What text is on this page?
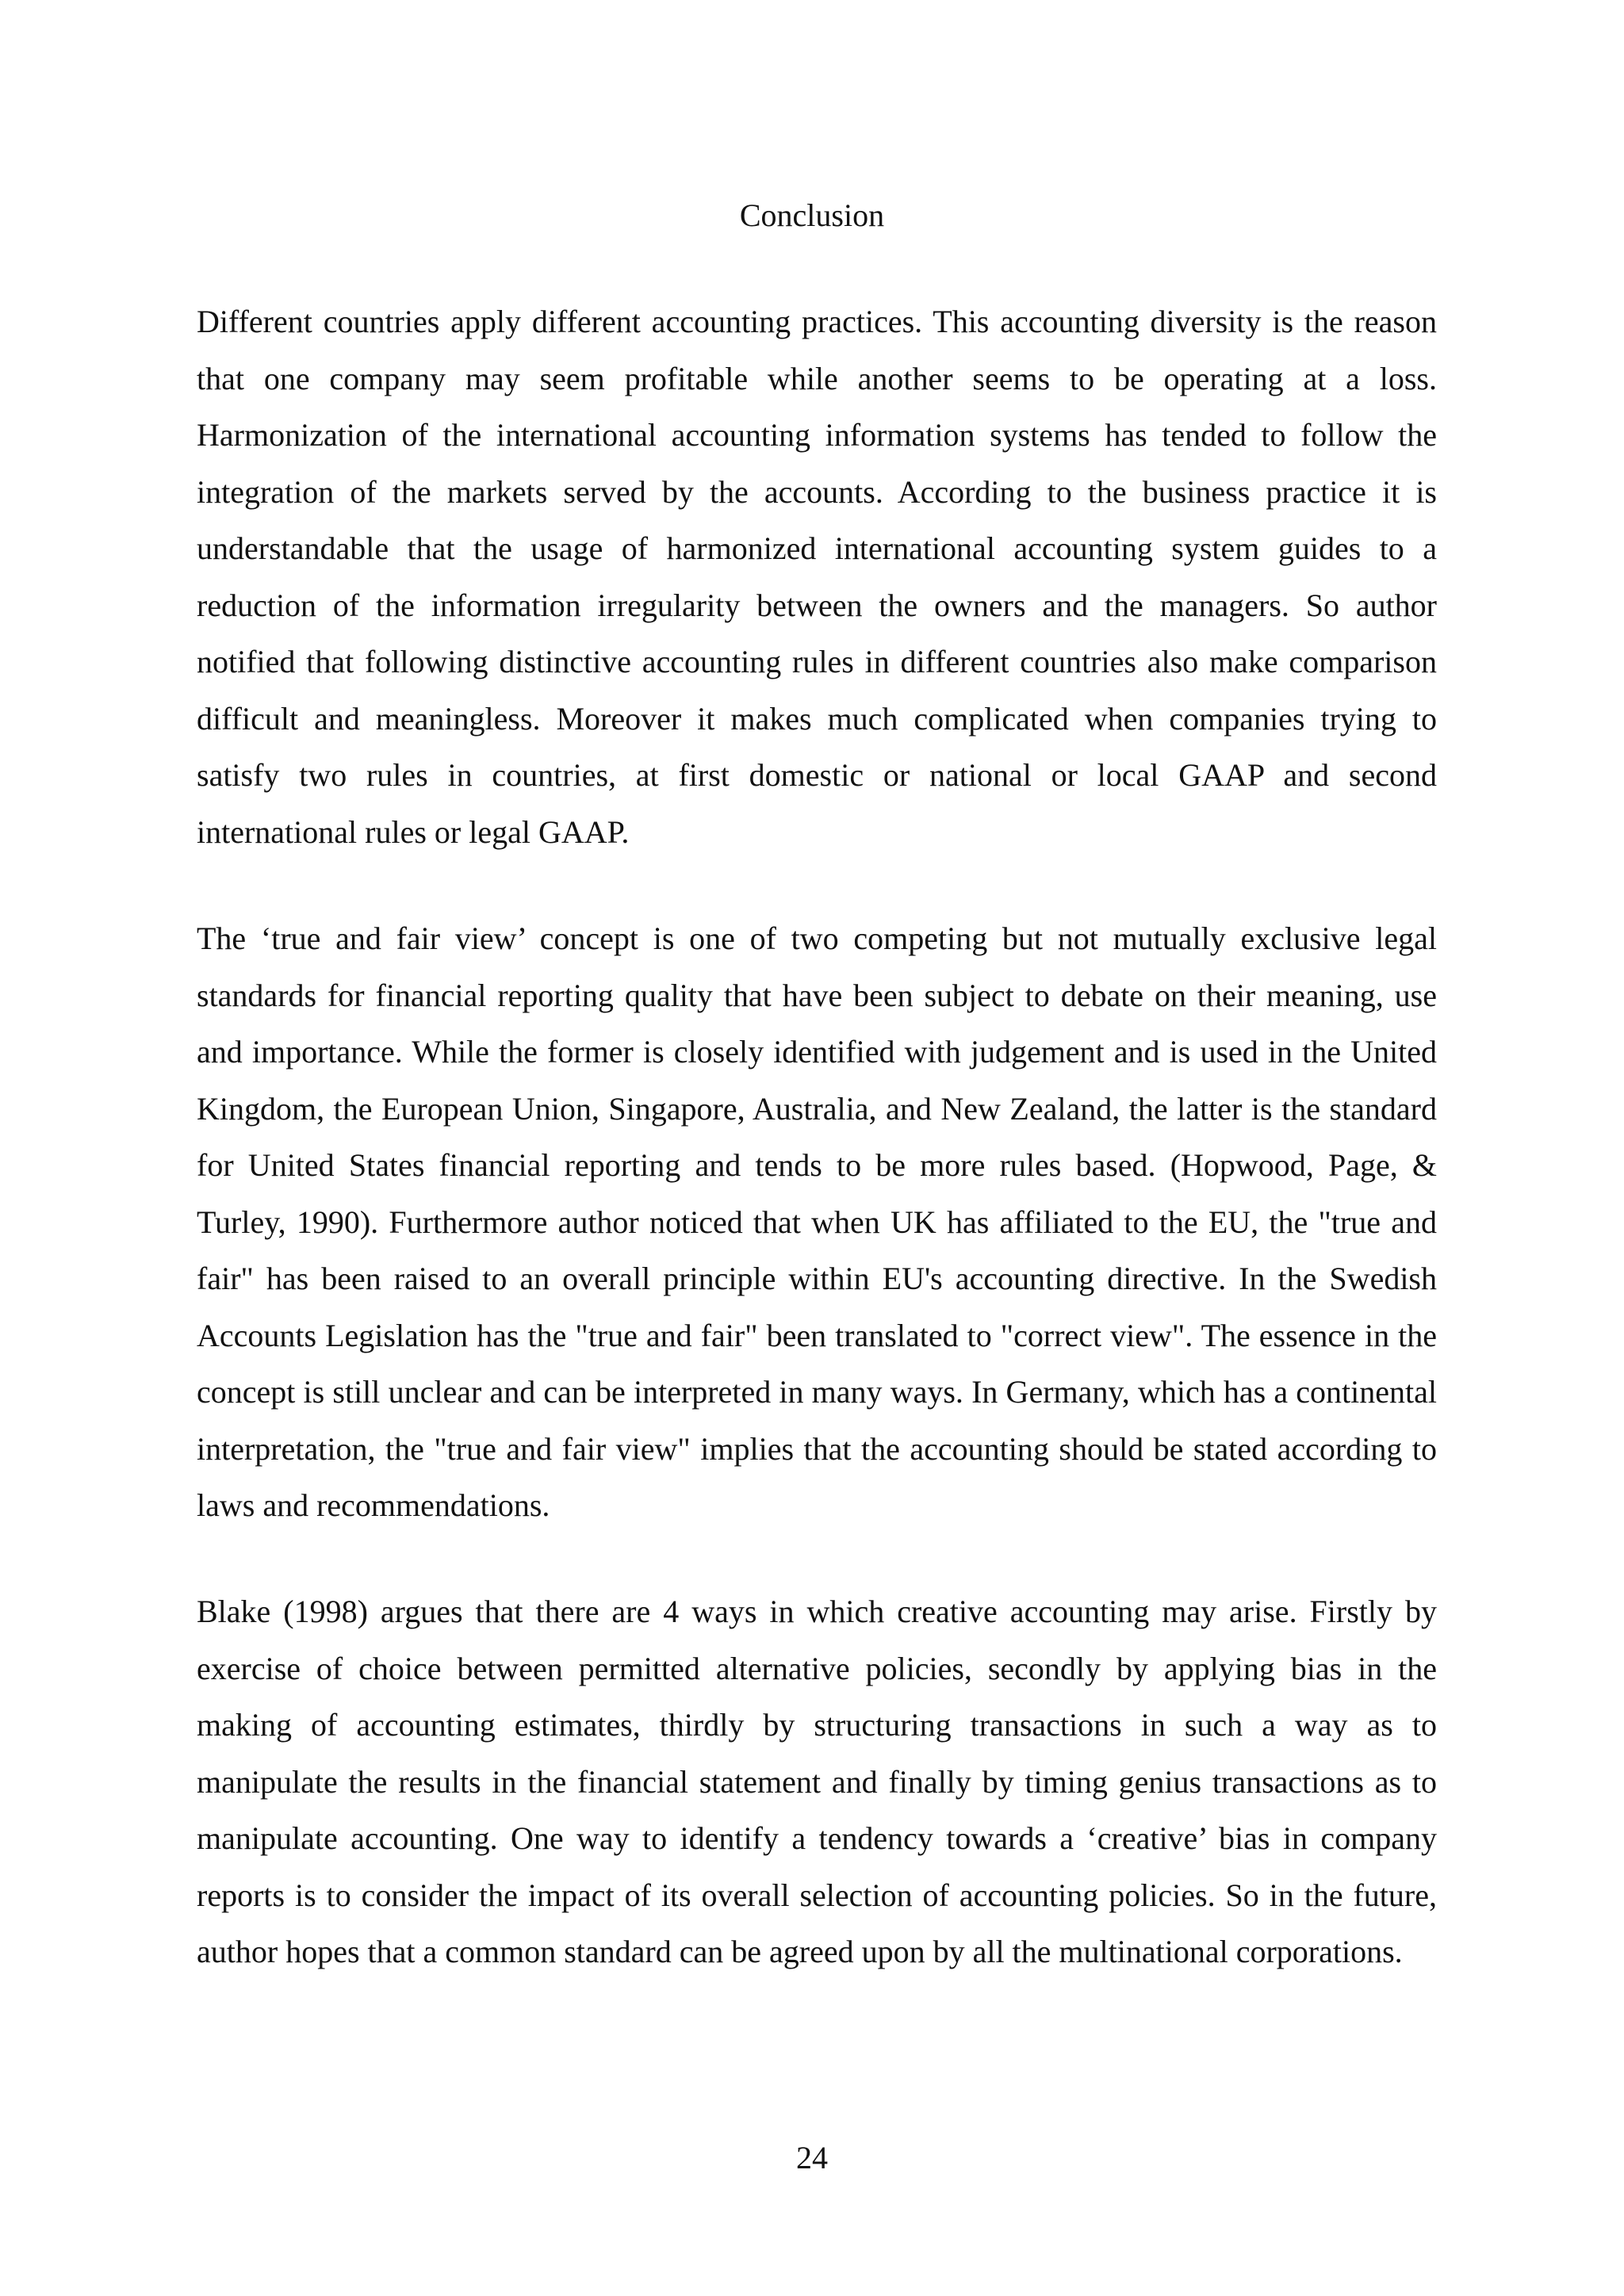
Conclusion

Different countries apply different accounting practices. This accounting diversity is the reason that one company may seem profitable while another seems to be operating at a loss. Harmonization of the international accounting information systems has tended to follow the integration of the markets served by the accounts. According to the business practice it is understandable that the usage of harmonized international accounting system guides to a reduction of the information irregularity between the owners and the managers. So author notified that following distinctive accounting rules in different countries also make comparison difficult and meaningless. Moreover it makes much complicated when companies trying to satisfy two rules in countries, at first domestic or national or local GAAP and second international rules or legal GAAP.

The ‘true and fair view’ concept is one of two competing but not mutually exclusive legal standards for financial reporting quality that have been subject to debate on their meaning, use and importance. While the former is closely identified with judgement and is used in the United Kingdom, the European Union, Singapore, Australia, and New Zealand, the latter is the standard for United States financial reporting and tends to be more rules based. (Hopwood, Page, & Turley, 1990). Furthermore author noticed that when UK has affiliated to the EU, the "true and fair" has been raised to an overall principle within EU's accounting directive. In the Swedish Accounts Legislation has the "true and fair" been translated to "correct view". The essence in the concept is still unclear and can be interpreted in many ways. In Germany, which has a continental interpretation, the "true and fair view" implies that the accounting should be stated according to laws and recommendations.

Blake (1998) argues that there are 4 ways in which creative accounting may arise. Firstly by exercise of choice between permitted alternative policies, secondly by applying bias in the making of accounting estimates, thirdly by structuring transactions in such a way as to manipulate the results in the financial statement and finally by timing genius transactions as to manipulate accounting. One way to identify a tendency towards a ‘creative’ bias in company reports is to consider the impact of its overall selection of accounting policies. So in the future, author hopes that a common standard can be agreed upon by all the multinational corporations.

24
